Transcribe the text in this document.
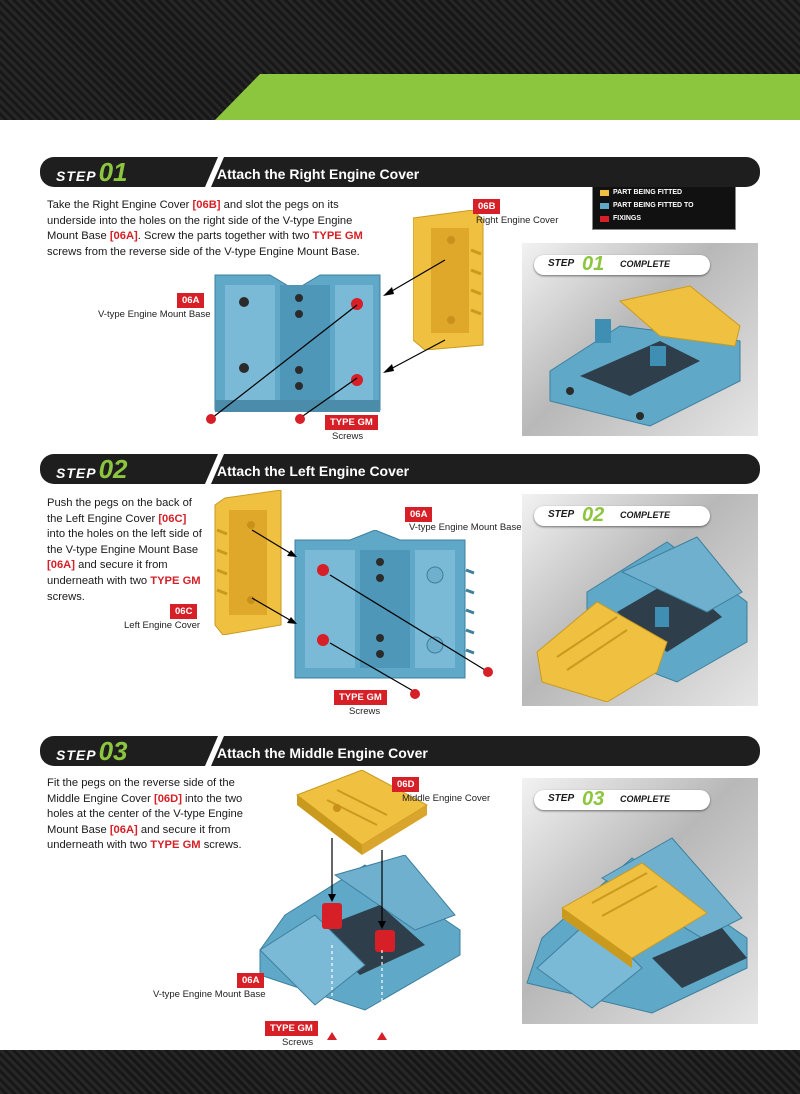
PART BEING FITTED
PART BEING FITTED TO
FIXINGS
STEP 01	Attach the Right Engine Cover
Take the Right Engine Cover [06B] and slot the pegs on its underside into the holes on the right side of the V-type Engine Mount Base [06A]. Screw the parts together with two TYPE GM screws from the reverse side of the V-type Engine Mount Base.
06B
Right Engine Cover
06A
V-type Engine Mount Base
TYPE GM
Screws
STEP 01 COMPLETE
STEP 02	Attach the Left Engine Cover
Push the pegs on the back of the Left Engine Cover [06C] into the holes on the left side of the V-type Engine Mount Base [06A] and secure it from underneath with two TYPE GM screws.
06A
V-type Engine Mount Base
06C
Left Engine Cover
TYPE GM
Screws
STEP 02 COMPLETE
STEP 03	Attach the Middle Engine Cover
Fit the pegs on the reverse side of the Middle Engine Cover [06D] into the two holes at the center of the V-type Engine Mount Base [06A] and secure it from underneath with two TYPE GM screws.
06D
Middle Engine Cover
06A
V-type Engine Mount Base
TYPE GM
Screws
STEP 03 COMPLETE
